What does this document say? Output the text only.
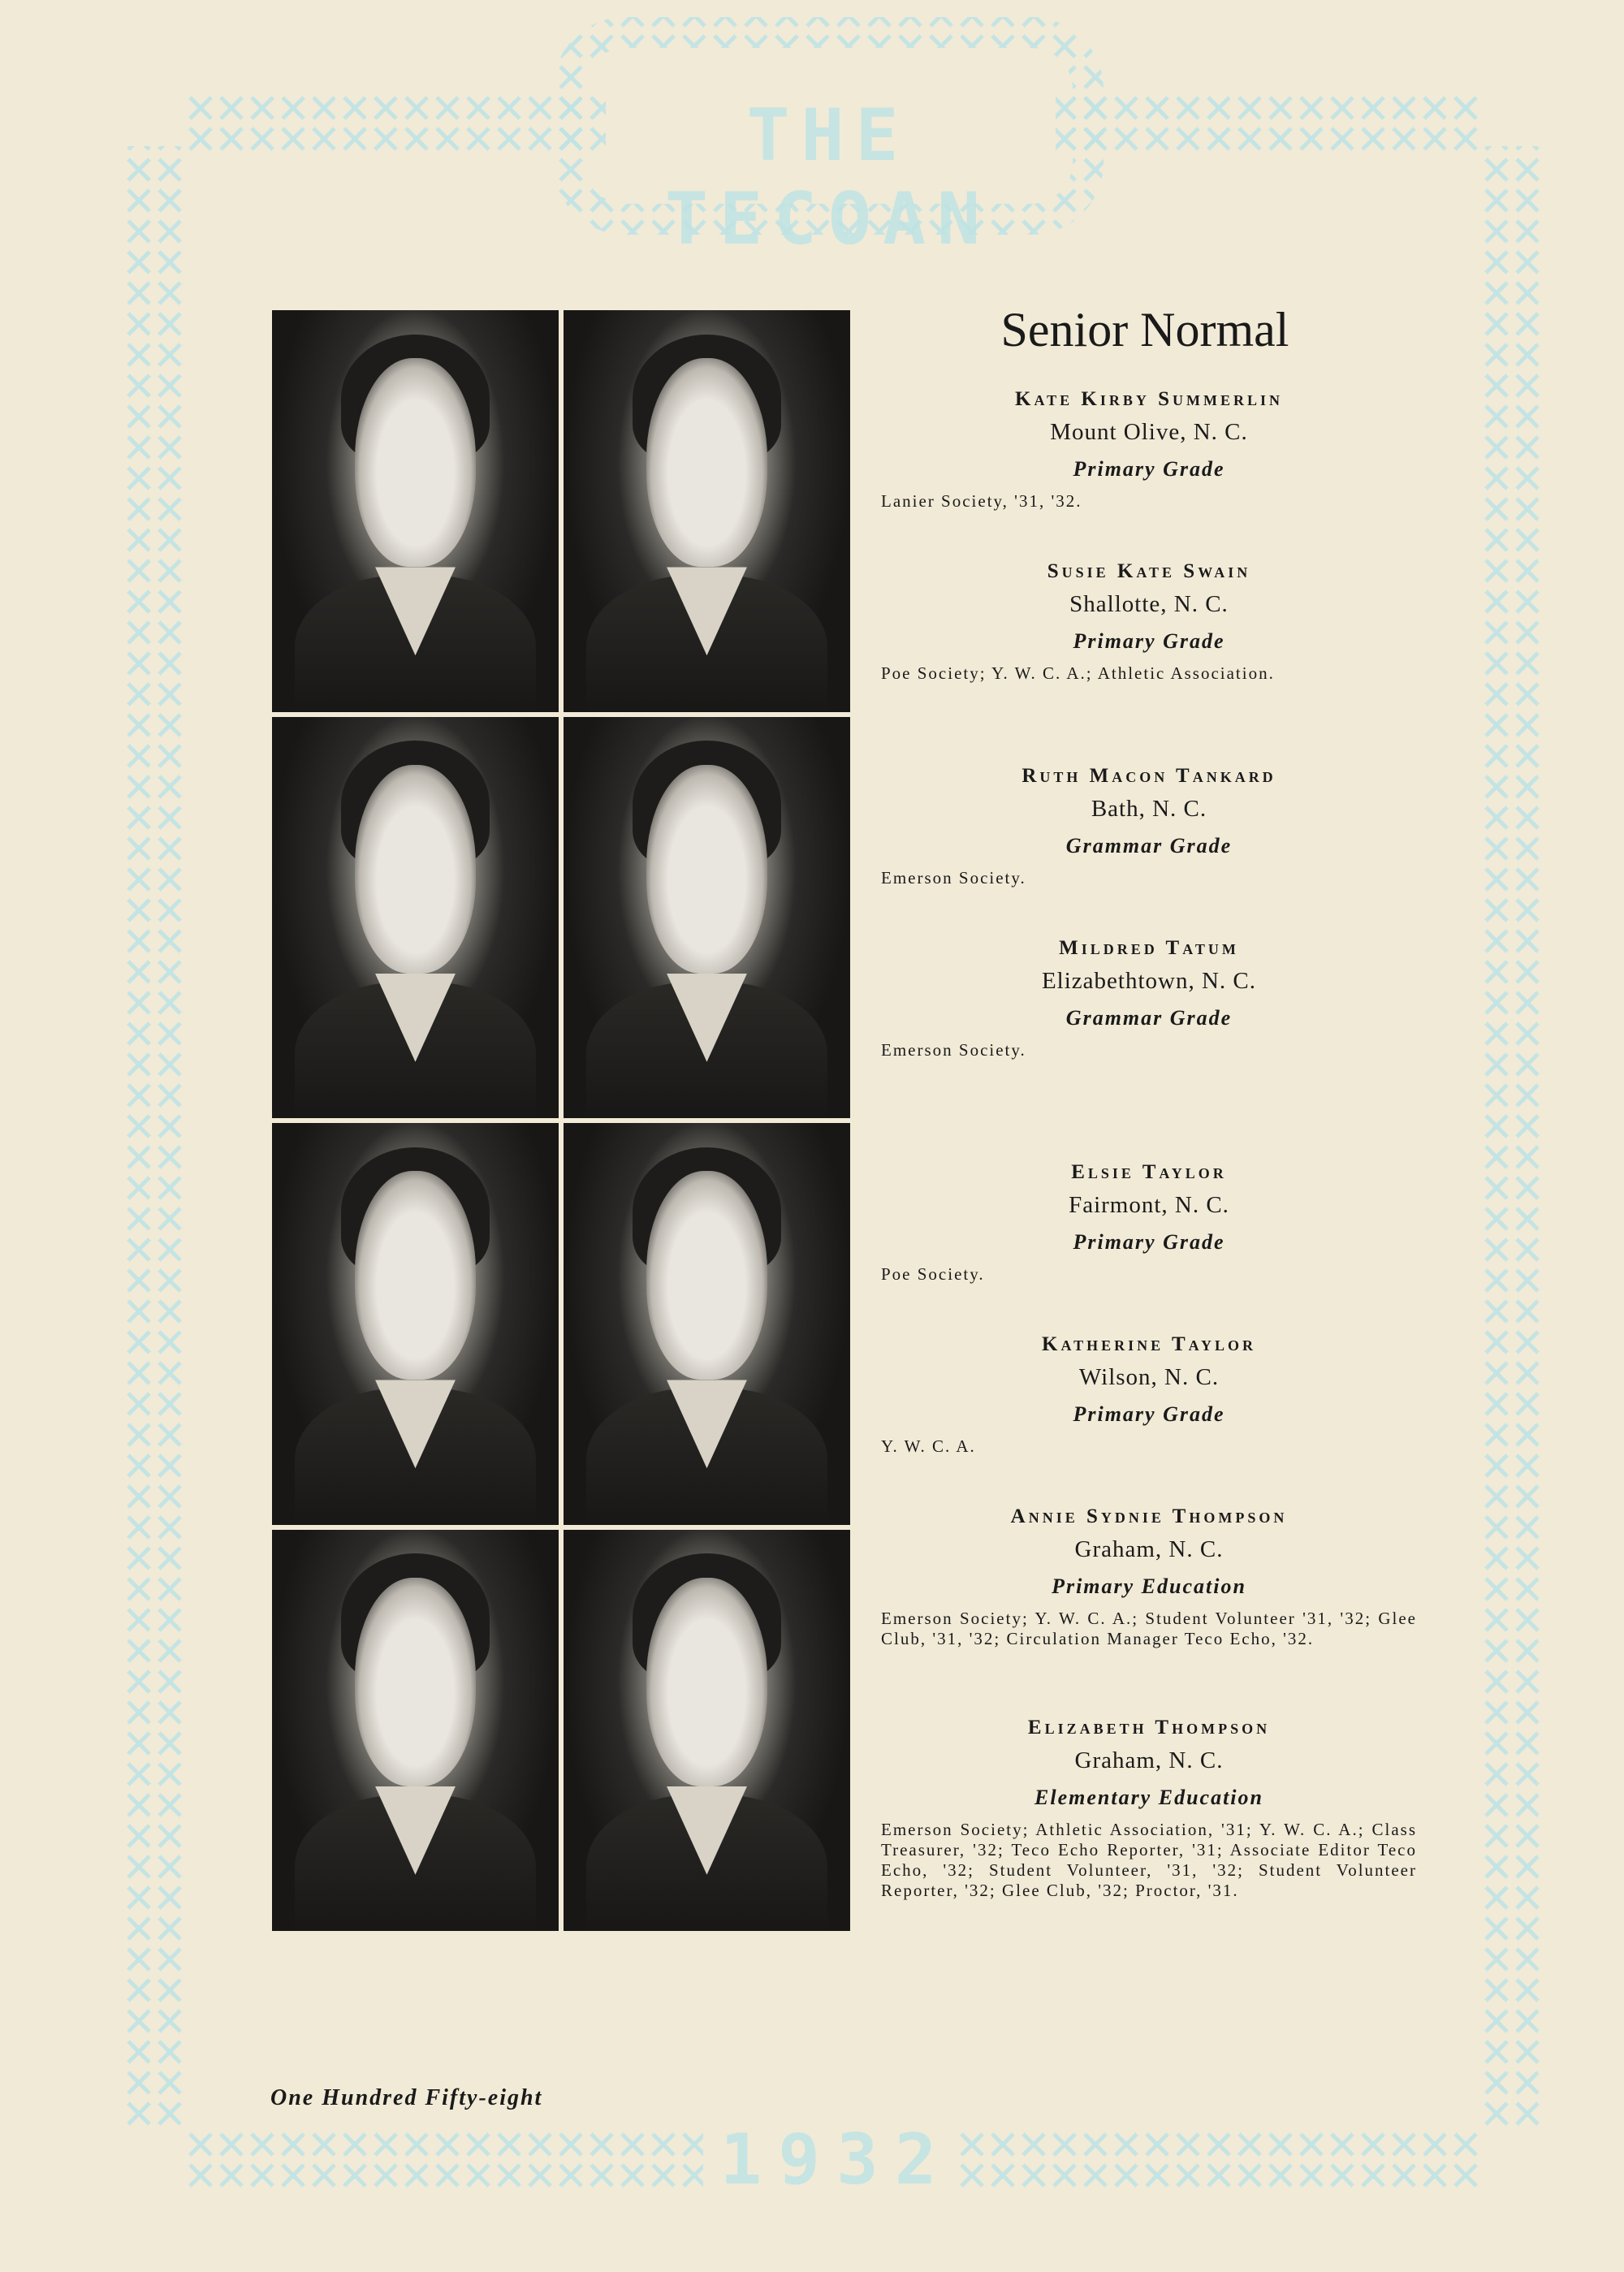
THE TECOAN
1932
Senior Normal
Kate Kirby Summerlin
Mount Olive, N. C.
Primary Grade
Lanier Society, '31, '32.
Susie Kate Swain
Shallotte, N. C.
Primary Grade
Poe Society; Y. W. C. A.; Athletic Association.
Ruth Macon Tankard
Bath, N. C.
Grammar Grade
Emerson Society.
Mildred Tatum
Elizabethtown, N. C.
Grammar Grade
Emerson Society.
Elsie Taylor
Fairmont, N. C.
Primary Grade
Poe Society.
Katherine Taylor
Wilson, N. C.
Primary Grade
Y. W. C. A.
Annie Sydnie Thompson
Graham, N. C.
Primary Education
Emerson Society; Y. W. C. A.; Student Volunteer '31, '32; Glee Club, '31, '32; Circulation Manager Teco Echo, '32.
Elizabeth Thompson
Graham, N. C.
Elementary Education
Emerson Society; Athletic Association, '31; Y. W. C. A.; Class Treasurer, '32; Teco Echo Reporter, '31; Associate Editor Teco Echo, '32; Student Volunteer, '31, '32; Student Volunteer Reporter, '32; Glee Club, '32; Proctor, '31.
One Hundred Fifty-eight
